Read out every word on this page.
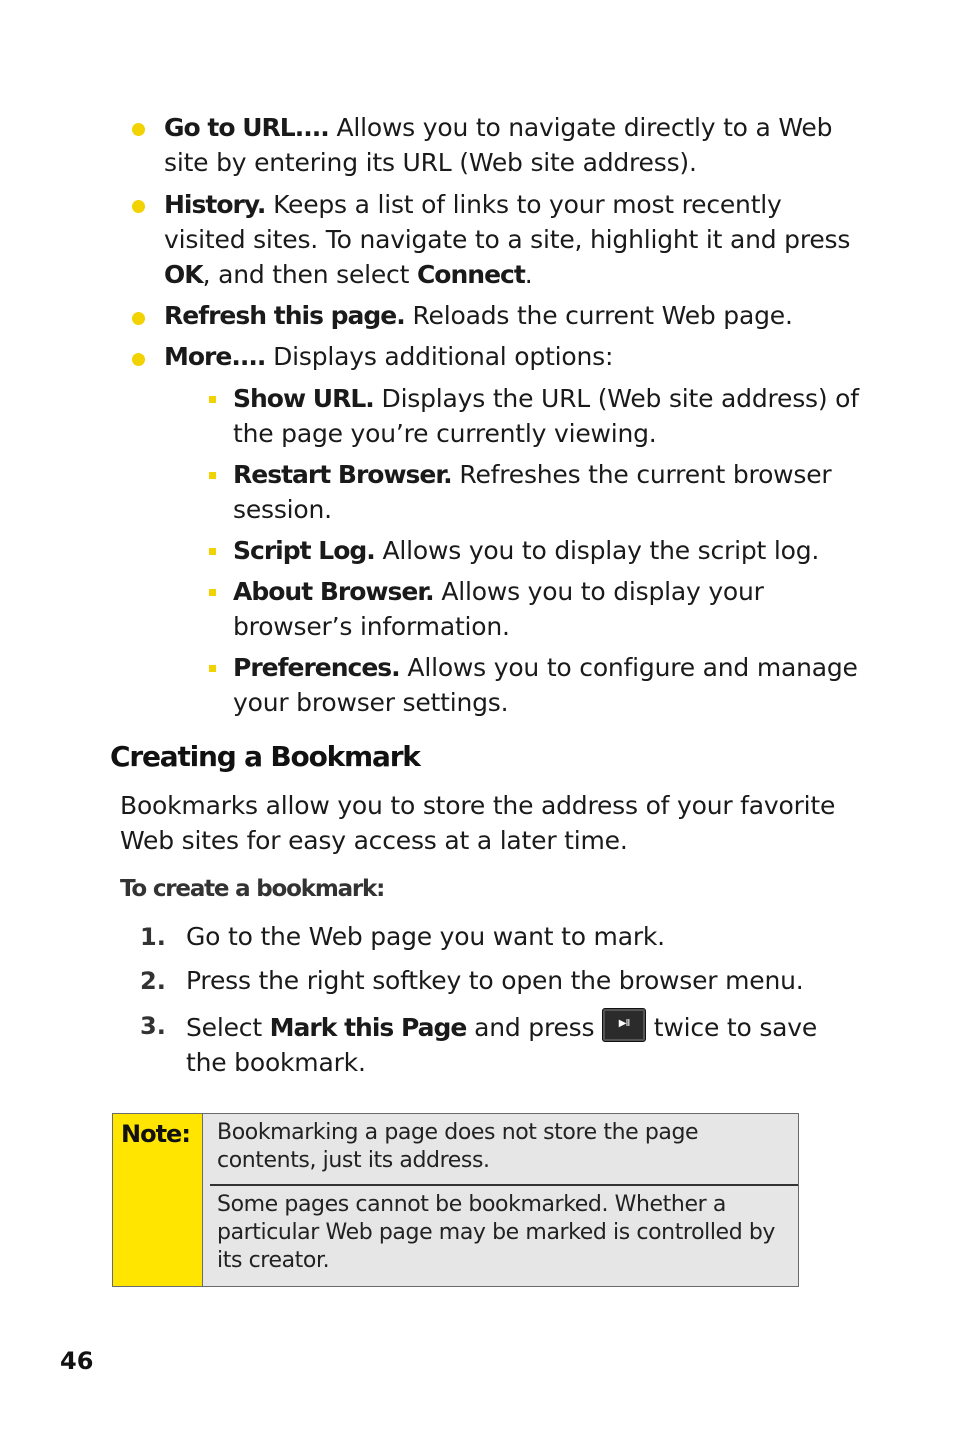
Go to URL.... Allows you to navigate directly to a Web site by entering its URL (Web site address).
History. Keeps a list of links to your most recently visited sites. To navigate to a site, highlight it and press OK, and then select Connect.
Refresh this page. Reloads the current Web page.
More.... Displays additional options:
Show URL. Displays the URL (Web site address) of the page you’re currently viewing.
Restart Browser. Refreshes the current browser session.
Script Log. Allows you to display the script log.
About Browser. Allows you to display your browser’s information.
Preferences. Allows you to configure and manage your browser settings.
Creating a Bookmark
Bookmarks allow you to store the address of your favorite Web sites for easy access at a later time.
To create a bookmark:
1. Go to the Web page you want to mark.
2. Press the right softkey to open the browser menu.
3. Select Mark this Page and press	▶II twice to save the bookmark.
Note: Bookmarking a page does not store the page contents, just its address.
Some pages cannot be bookmarked. Whether a particular Web page may be marked is controlled by its creator.
46
